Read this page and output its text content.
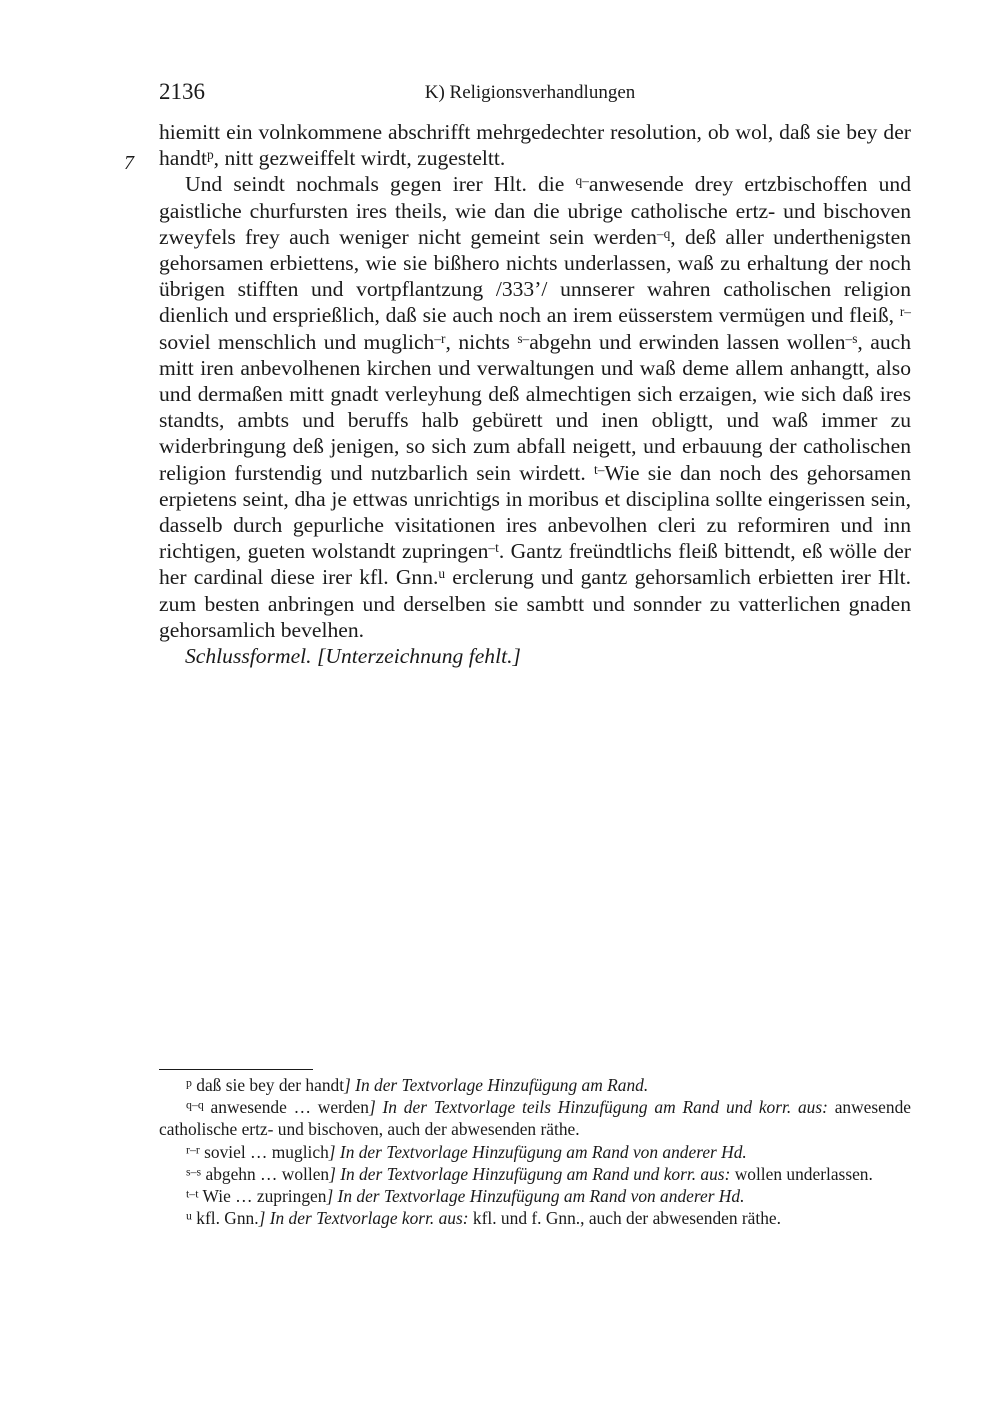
2136	K) Religionsverhandlungen
7

hiemitt ein volnkommene abschrifft mehrgedechter resolution, ob wol, daß sie bey der handt$^p$, nitt gezweiffelt wirdt, zugesteltt.

Und seindt nochmals gegen irer Hlt. die $^{q-}$anwesende drey ertzbischoffen und gaistliche churfursten ires theils, wie dan die ubrige catholische ertz- und bischoven zweyfels frey auch weniger nicht gemeint sein werden$^{-q}$, deß aller underthenigsten gehorsamen erbiettens, wie sie bißhero nichts underlassen, waß zu erhaltung der noch übrigen stifften und vortpflantzung /333’/ unnserer wahren catholischen religion dienlich und ersprießlich, daß sie auch noch an irem eüsserstem vermügen und fleiß, $^{r-}$soviel menschlich und muglich$^{-r}$, nichts $^{s-}$abgehn und erwinden lassen wollen$^{-s}$, auch mitt iren anbevolhenen kirchen und verwaltungen und waß deme allem anhangtt, also und dermaßen mitt gnadt verleyhung deß almechtigen sich erzaigen, wie sich daß ires standts, ambts und beruffs halb gebürett und inen obligtt, und waß immer zu widerbringung deß jenigen, so sich zum abfall neigett, und erbauung der catholischen religion furstendig und nutzbarlich sein wirdett. $^{t-}$Wie sie dan noch des gehorsamen erpietens seint, dha je ettwas unrichtigs in moribus et disciplina sollte eingerissen sein, dasselb durch gepurliche visitationen ires anbevolhen cleri zu reformiren und inn richtigen, gueten wolstandt zupringen$^{-t}$. Gantz freündtlichs fleiß bittendt, eß wölle der her cardinal diese irer kfl. Gnn.$^u$ erclerung und gantz gehorsamlich erbietten irer Hlt. zum besten anbringen und derselben sie sambtt und sonnder zu vatterlichen gnaden gehorsamlich bevelhen.

Schlussformel. [Unterzeichnung fehlt.]

$^p$ daß sie bey der handt] In der Textvorlage Hinzufügung am Rand.

$^{q-q}$ anwesende … werden] In der Textvorlage teils Hinzufügung am Rand und korr. aus: anwesende catholische ertz- und bischoven, auch der abwesenden räthe.

$^{r-r}$ soviel … muglich] In der Textvorlage Hinzufügung am Rand von anderer Hd.

$^{s-s}$ abgehn … wollen] In der Textvorlage Hinzufügung am Rand und korr. aus: wollen underlassen.

$^{t-t}$ Wie … zupringen] In der Textvorlage Hinzufügung am Rand von anderer Hd.

$^u$ kfl. Gnn.] In der Textvorlage korr. aus: kfl. und f. Gnn., auch der abwesenden räthe.
